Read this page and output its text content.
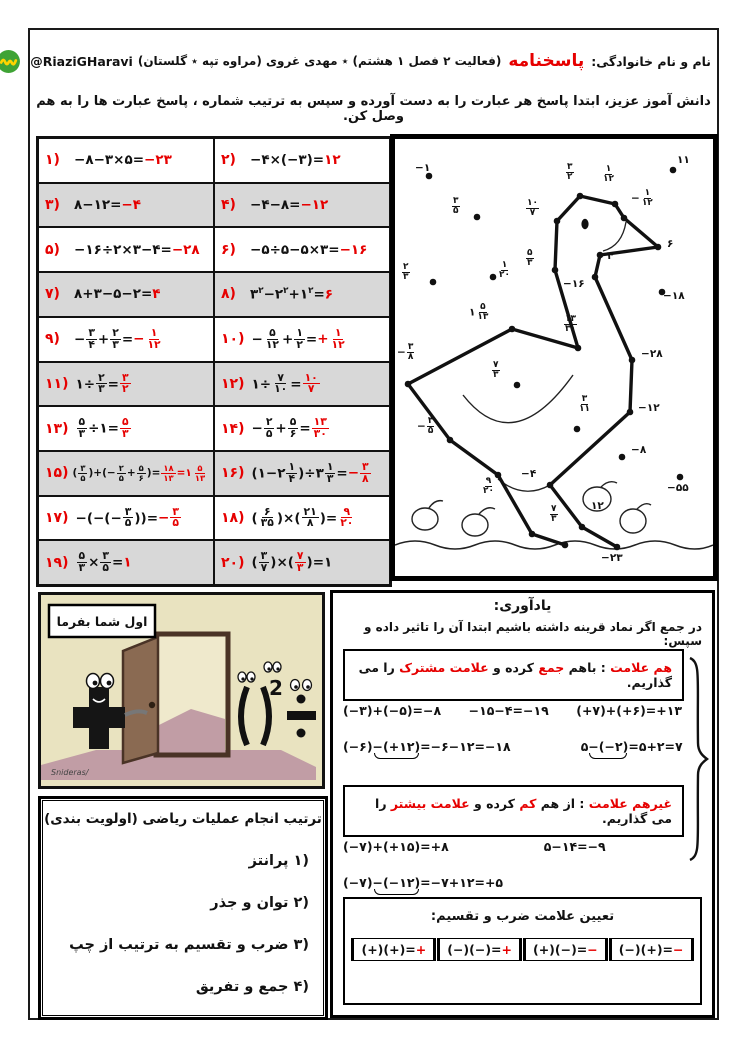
نام و نام خانوادگی:
پاسخنامه
(فعالیت ۲ فصل ۱ هشتم) ٭ مهدی غروی (مراوه تپه ٭ گلستان)
@RiaziGHaravi
دانش آموز عزیز، ابتدا پاسخ هر عبارت را به دست آورده و سپس به ترتیب شماره ، پاسخ عبارت ها را به هم وصل کن.
۱)	−۸−۳×۵=−۲۳	۲)	−۴×(−۳)=۱۲
۳)	۸−۱۲=−۴	۴)	−۴−۸=−۱۲
۵)	−۱۶÷۲×۳−۴=−۲۸ ۶)	−۵÷۵−۵×۳=−۱۶
۷)	۸+۳−۵−۲=۴	۸)	$۳^۲-۲^۲+۱^۲=۶$
۹)	− $\frac{۳}{۴} + \frac{۲}{۳} =- \frac{۱}{۱۲}$	۱۰) − $\frac{۵}{۱۲} + \frac{۱}{۲} =+ \frac{۱}{۱۲}$
۱۱) ۱÷ $\frac{۲}{۳} = \frac{۳}{۲}$	۱۲) ۱÷ $\frac{۷}{۱۰} = \frac{۱۰}{۷}$
۱۳) $\frac{۵}{۳}$ ÷۱= $\frac{۵}{۳}$	۱۴) − $\frac{۲}{۵} + \frac{۵}{۶} = \frac{۱۳}{۳۰}$
۱۵) ( $\frac{۳}{۵}$ )+(− $\frac{۲}{۵} + \frac{۵}{۶}$ )= $\frac{۱۸}{۱۳}$ =۱ $\frac{۵}{۱۳}$ ۱۶) (۱−۲ $\frac{۱}{۴}$ )÷۳ $\frac{۱}{۳} =- \frac{۳}{۸}$
۱۷) −(−(− $\frac{۳}{۵}$ ))=− $\frac{۳}{۵}$	۱۸) ( $\frac{۶}{۳۵}$ )×( $\frac{۲۱}{۸}$ )= $\frac{۹}{۲۰}$
۱۹) $\frac{۵}{۳} \times \frac{۳}{۵}$ =۱	۲۰) ( $\frac{۳}{۷}$ )×( $\frac{۷}{۳}$ )=۱
−۱
۱۱
$\frac{۳}{۵}$
$\frac{۳}{۲}$	$\frac{۱}{۱۲}$
− $\frac{۱}{۱۲}$
۶
$\frac{۱۰}{۷}$
$\frac{۵}{۳}$
$\frac{۲}{۳}$	$\frac{۱}{۲۰}$
۴
−۱۶
−۱۸
۱ $\frac{۵}{۱۳}$
$\frac{۱۳}{۳۰}$
−۲۸
− $\frac{۳}{۸}$
$\frac{۷}{۳}$
−۱۲
− $\frac{۳}{۵}$
$\frac{۳}{۱۱}$
−۸
−۴
$\frac{۹}{۲۰}$	−۵۵
$\frac{۷}{۳}$	۱۲
−۲۳
2
اول شما بفرما
Snideras/
ترتیب انجام عملیات ریاضی (اولویت بندی)
۱) پرانتز
۲) توان و جذر
۳) ضرب و تقسیم به ترتیب از چپ
۴) جمع و تفریق
یادآوری:
در جمع اگر نماد قرینه داشته باشیم ابتدا آن را تاثیر داده و سپس:
هم علامت : باهم جمع کرده و علامت مشترک را می گذاریم.
(−۳)+(−۵)=−۸ −۱۵−۴=−۱۹ (+۷)+(+۶)=+۱۳
(−۶)−(+۱۲)=−۶−۱۲=−۱۸	۵−(−۲)=۵+۲=۷
غیرهم علامت : از هم کم کرده و علامت بیشتر را می گذاریم.
(−۷)+(+۱۵)=+۸	۵−۱۴=−۹
(−۷)−(−۱۲)=−۷+۱۲=+۵
تعیین علامت ضرب و تقسیم:
(+)(+)=+	(−)(−)=+	(+)(−)=−	(−)(+)=−
